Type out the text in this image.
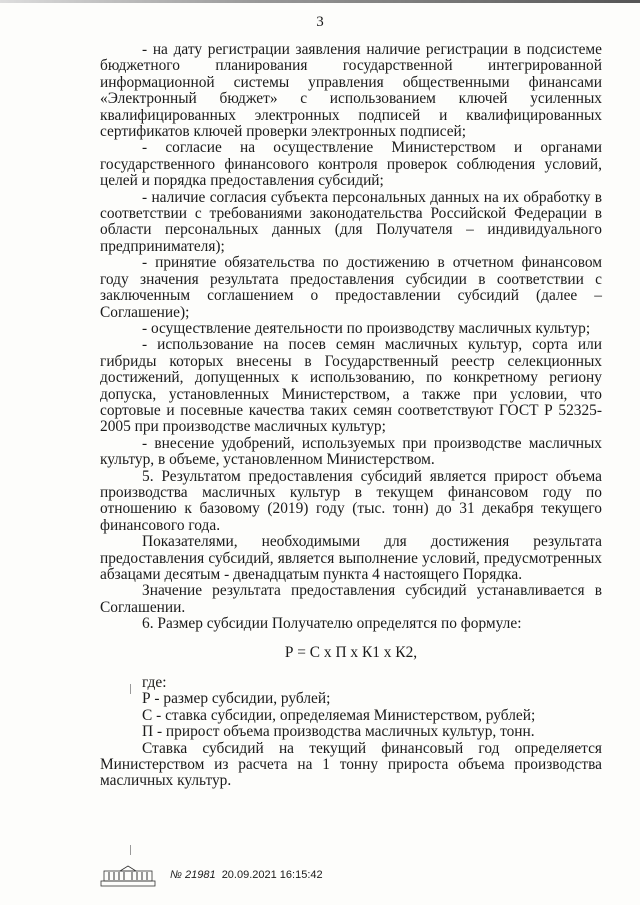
3

- на дату регистрации заявления наличие регистрации в подсистеме бюджетного планирования государственной интегрированной информационной системы управления общественными финансами «Электронный бюджет» с использованием ключей усиленных квалифицированных электронных подписей и квалифицированных сертификатов ключей проверки электронных подписей;

- согласие на осуществление Министерством и органами государственного финансового контроля проверок соблюдения условий, целей и порядка предоставления субсидий;

- наличие согласия субъекта персональных данных на их обработку в соответствии с требованиями законодательства Российской Федерации в области персональных данных (для Получателя – индивидуального предпринимателя);

- принятие обязательства по достижению в отчетном финансовом году значения результата предоставления субсидии в соответствии с заключенным соглашением о предоставлении субсидий (далее – Соглашение);

- осуществление деятельности по производству масличных культур;

- использование на посев семян масличных культур, сорта или гибриды которых внесены в Государственный реестр селекционных достижений, допущенных к использованию, по конкретному региону допуска, установленных Министерством, а также при условии, что сортовые и посевные качества таких семян соответствуют ГОСТ Р 52325-2005 при производстве масличных культур;

- внесение удобрений, используемых при производстве масличных культур, в объеме, установленном Министерством.

5. Результатом предоставления субсидий является прирост объема производства масличных культур в текущем финансовом году по отношению к базовому (2019) году (тыс. тонн) до 31 декабря текущего финансового года.

Показателями, необходимыми для достижения результата предоставления субсидий, является выполнение условий, предусмотренных абзацами десятым - двенадцатым пункта 4 настоящего Порядка.

Значение результата предоставления субсидий устанавливается в Соглашении.

6. Размер субсидии Получателю определятся по формуле:

Р = С х П х К1 х К2,

где:

Р - размер субсидии, рублей;

С - ставка субсидии, определяемая Министерством, рублей;

П - прирост объема производства масличных культур, тонн.

Ставка субсидий на текущий финансовый год определяется Министерством из расчета на 1 тонну прироста объема производства масличных культур.

№ 21981
20.09.2021 16:15:42
